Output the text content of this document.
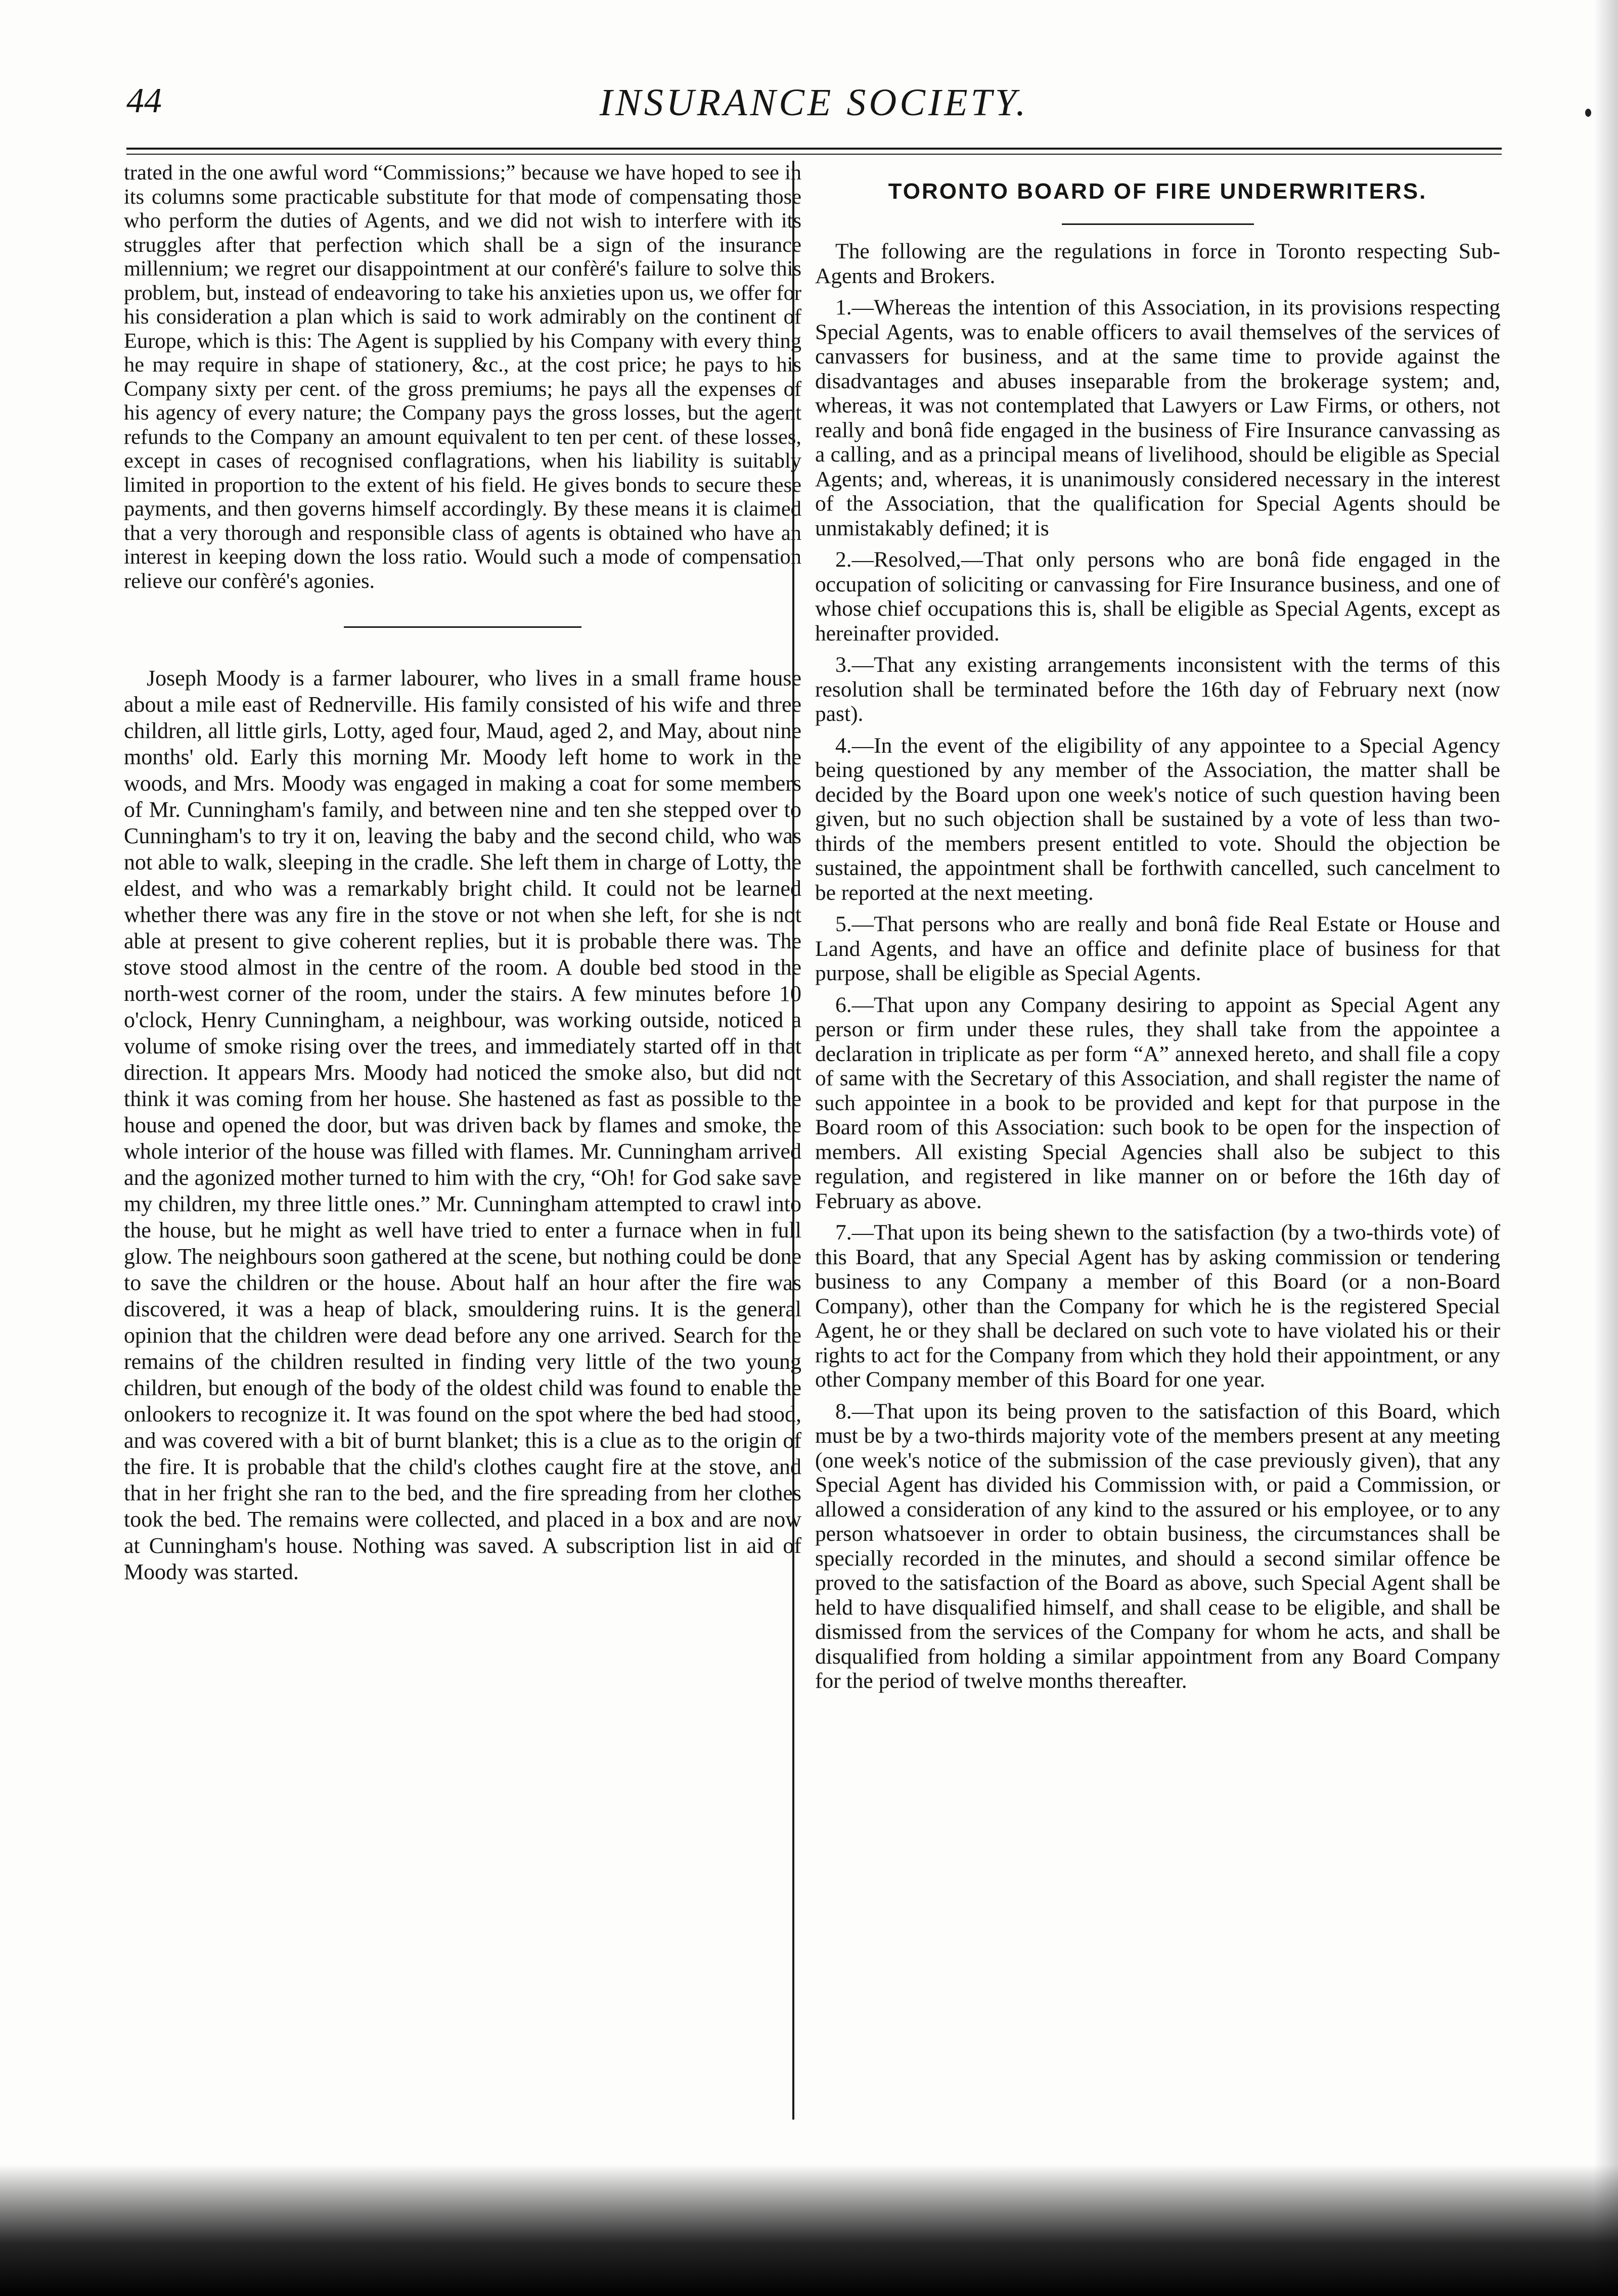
44	INSURANCE SOCIETY.

trated in the one awful word “Commissions;” because we have hoped to see in its columns some practicable substitute for that mode of compensating those who perform the duties of Agents, and we did not wish to interfere with its struggles after that perfection which shall be a sign of the insurance millennium; we regret our disappointment at our confèré's failure to solve this problem, but, instead of endeavoring to take his anxieties upon us, we offer for his consideration a plan which is said to work admirably on the continent of Europe, which is this: The Agent is supplied by his Company with every thing he may require in shape of stationery, &c., at the cost price; he pays to his Company sixty per cent. of the gross premiums; he pays all the expenses of his agency of every nature; the Company pays the gross losses, but the agent refunds to the Company an amount equivalent to ten per cent. of these losses, except in cases of recognised conflagrations, when his liability is suitably limited in proportion to the extent of his field. He gives bonds to secure these payments, and then governs himself accordingly. By these means it is claimed that a very thorough and responsible class of agents is obtained who have an interest in keeping down the loss ratio. Would such a mode of compensation relieve our confèré's agonies.

Joseph Moody is a farmer labourer, who lives in a small frame house about a mile east of Rednerville. His family consisted of his wife and three children, all little girls, Lotty, aged four, Maud, aged 2, and May, about nine months' old. Early this morning Mr. Moody left home to work in the woods, and Mrs. Moody was engaged in making a coat for some members of Mr. Cunningham's family, and between nine and ten she stepped over to Cunningham's to try it on, leaving the baby and the second child, who was not able to walk, sleeping in the cradle. She left them in charge of Lotty, the eldest, and who was a remarkably bright child. It could not be learned whether there was any fire in the stove or not when she left, for she is not able at present to give coherent replies, but it is probable there was. The stove stood almost in the centre of the room. A double bed stood in the north-west corner of the room, under the stairs. A few minutes before 10 o'clock, Henry Cunningham, a neighbour, was working outside, noticed a volume of smoke rising over the trees, and immediately started off in that direction. It appears Mrs. Moody had noticed the smoke also, but did not think it was coming from her house. She hastened as fast as possible to the house and opened the door, but was driven back by flames and smoke, the whole interior of the house was filled with flames. Mr. Cunningham arrived and the agonized mother turned to him with the cry, “Oh! for God sake save my children, my three little ones.” Mr. Cunningham attempted to crawl into the house, but he might as well have tried to enter a furnace when in full glow. The neighbours soon gathered at the scene, but nothing could be done to save the children or the house. About half an hour after the fire was discovered, it was a heap of black, smouldering ruins. It is the general opinion that the children were dead before any one arrived. Search for the remains of the children resulted in finding very little of the two young children, but enough of the body of the oldest child was found to enable the onlookers to recognize it. It was found on the spot where the bed had stood, and was covered with a bit of burnt blanket; this is a clue as to the origin of the fire. It is probable that the child's clothes caught fire at the stove, and that in her fright she ran to the bed, and the fire spreading from her clothes took the bed. The remains were collected, and placed in a box and are now at Cunningham's house. Nothing was saved. A subscription list in aid of Moody was started.

TORONTO BOARD OF FIRE UNDERWRITERS.

The following are the regulations in force in Toronto respecting Sub-Agents and Brokers.

1.—Whereas the intention of this Association, in its provisions respecting Special Agents, was to enable officers to avail themselves of the services of canvassers for business, and at the same time to provide against the disadvantages and abuses inseparable from the brokerage system; and, whereas, it was not contemplated that Lawyers or Law Firms, or others, not really and bonâ fide engaged in the business of Fire Insurance canvassing as a calling, and as a principal means of livelihood, should be eligible as Special Agents; and, whereas, it is unanimously considered necessary in the interest of the Association, that the qualification for Special Agents should be unmistakably defined; it is

2.—Resolved,—That only persons who are bonâ fide engaged in the occupation of soliciting or canvassing for Fire Insurance business, and one of whose chief occupations this is, shall be eligible as Special Agents, except as hereinafter provided.

3.—That any existing arrangements inconsistent with the terms of this resolution shall be terminated before the 16th day of February next (now past).

4.—In the event of the eligibility of any appointee to a Special Agency being questioned by any member of the Association, the matter shall be decided by the Board upon one week's notice of such question having been given, but no such objection shall be sustained by a vote of less than two-thirds of the members present entitled to vote. Should the objection be sustained, the appointment shall be forthwith cancelled, such cancelment to be reported at the next meeting.

5.—That persons who are really and bonâ fide Real Estate or House and Land Agents, and have an office and definite place of business for that purpose, shall be eligible as Special Agents.

6.—That upon any Company desiring to appoint as Special Agent any person or firm under these rules, they shall take from the appointee a declaration in triplicate as per form “A” annexed hereto, and shall file a copy of same with the Secretary of this Association, and shall register the name of such appointee in a book to be provided and kept for that purpose in the Board room of this Association: such book to be open for the inspection of members. All existing Special Agencies shall also be subject to this regulation, and registered in like manner on or before the 16th day of February as above.

7.—That upon its being shewn to the satisfaction (by a two-thirds vote) of this Board, that any Special Agent has by asking commission or tendering business to any Company a member of this Board (or a non-Board Company), other than the Company for which he is the registered Special Agent, he or they shall be declared on such vote to have violated his or their rights to act for the Company from which they hold their appointment, or any other Company member of this Board for one year.

8.—That upon its being proven to the satisfaction of this Board, which must be by a two-thirds majority vote of the members present at any meeting (one week's notice of the submission of the case previously given), that any Special Agent has divided his Commission with, or paid a Commission, or allowed a consideration of any kind to the assured or his employee, or to any person whatsoever in order to obtain business, the circumstances shall be specially recorded in the minutes, and should a second similar offence be proved to the satisfaction of the Board as above, such Special Agent shall be held to have disqualified himself, and shall cease to be eligible, and shall be dismissed from the services of the Company for whom he acts, and shall be disqualified from holding a similar appointment from any Board Company for the period of twelve months thereafter.
